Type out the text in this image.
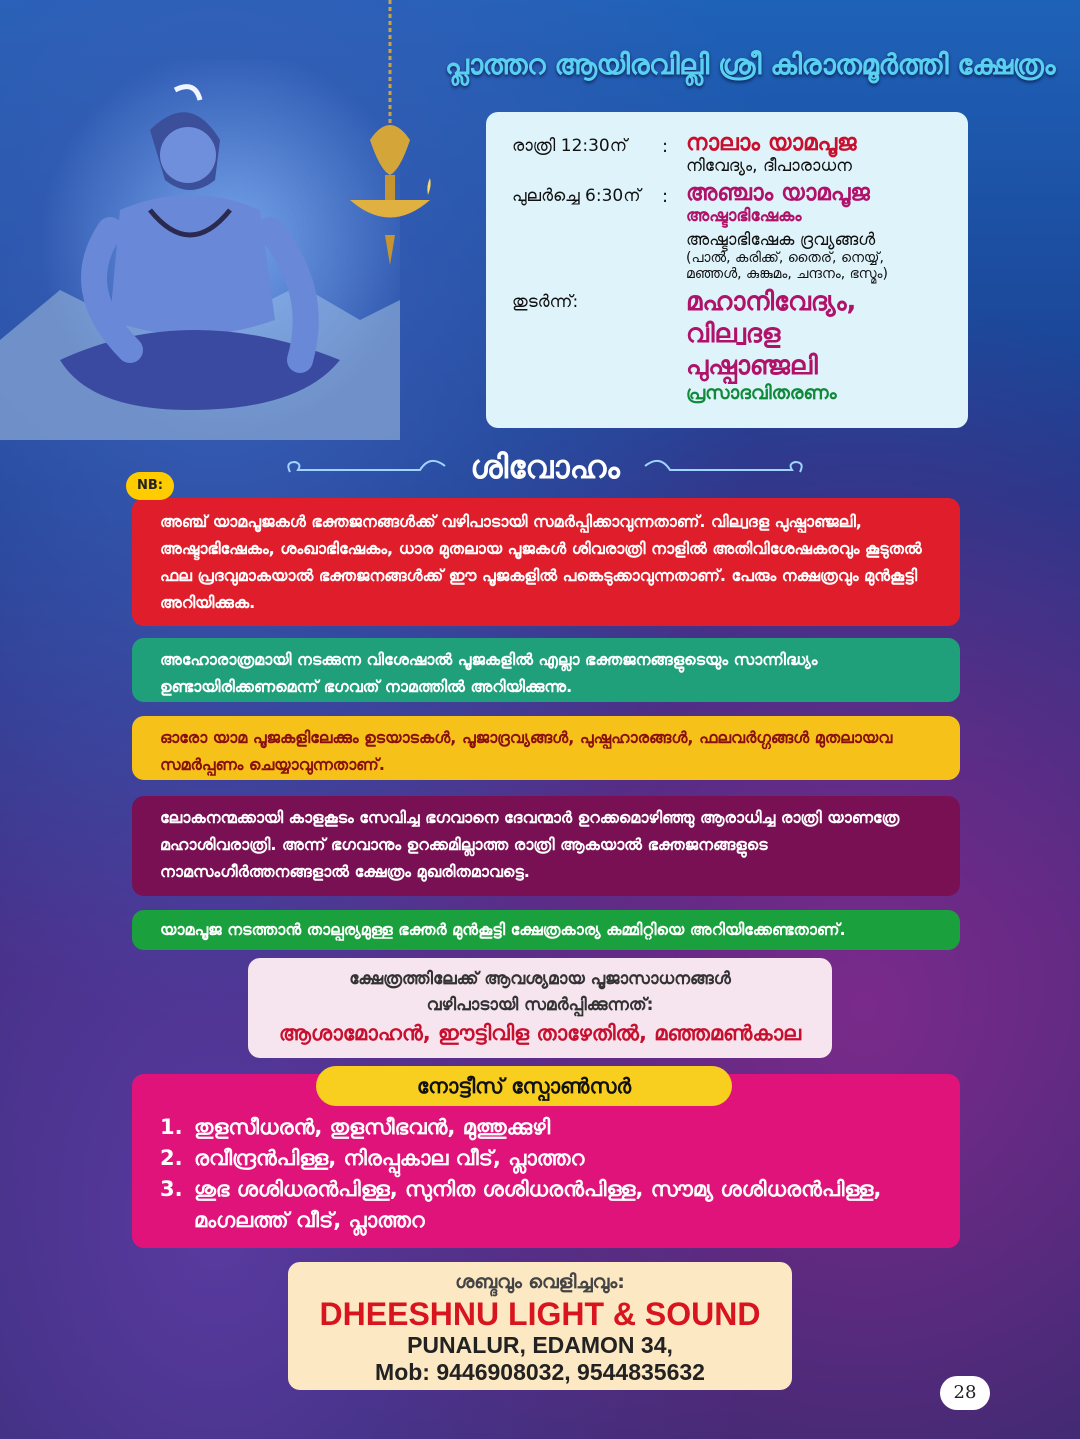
പ്ലാത്തറ ആയിരവില്ലി ശ്രീ കിരാതമൂർത്തി ക്ഷേത്രം
രാത്രി 12:30ന്	: നാലാം യാമപൂജ
നിവേദ്യം, ദീപാരാധന
പുലർച്ചെ 6:30ന്	: അഞ്ചാം യാമപൂജ
അഷ്ടാഭിഷേകം
അഷ്ടാഭിഷേക ദ്രവ്യങ്ങൾ
(പാൽ, കരിക്ക്, തൈര്, നെയ്യ്,
മഞ്ഞൾ, കുങ്കുമം, ചന്ദനം, ഭസ്മം)
തുടർന്ന്:	മഹാനിവേദ്യം, വില്വദള
പുഷ്പാഞ്ജലി
പ്രസാദവിതരണം
ശിവോഹം
NB:
അഞ്ച് യാമപൂജകൾ ഭക്തജനങ്ങൾക്ക് വഴിപാടായി സമർപ്പിക്കാവുന്നതാണ്. വില്വദള പുഷ്പാഞ്ജലി, അഷ്ടാഭിഷേകം, ശംഖാഭിഷേകം, ധാര മുതലായ പൂജകൾ ശിവരാത്രി നാളിൽ അതിവിശേഷകരവും കൂടുതൽ ഫല പ്രദവുമാകയാൽ ഭക്തജനങ്ങൾക്ക് ഈ പൂജകളിൽ പങ്കെടുക്കാവുന്നതാണ്. പേരും നക്ഷത്രവും മുൻകൂട്ടി അറിയിക്കുക.
അഹോരാത്രമായി നടക്കുന്ന വിശേഷാൽ പൂജകളിൽ എല്ലാ ഭക്തജനങ്ങളുടെയും സാന്നിദ്ധ്യം ഉണ്ടായിരിക്കണമെന്ന് ഭഗവത് നാമത്തിൽ അറിയിക്കുന്നു.
ഓരോ യാമ പൂജകളിലേക്കും ഉടയാടകൾ, പൂജാദ്രവ്യങ്ങൾ, പുഷ്പഹാരങ്ങൾ, ഫലവർഗ്ഗങ്ങൾ മുതലായവ സമർപ്പണം ചെയ്യാവുന്നതാണ്.
ലോകനന്മക്കായി കാളകൂടം സേവിച്ച ഭഗവാനെ ദേവന്മാർ ഉറക്കമൊഴിഞ്ഞു ആരാധിച്ച രാത്രി യാണത്രേ മഹാശിവരാത്രി. അന്ന് ഭഗവാനും ഉറക്കമില്ലാത്ത രാത്രി ആകയാൽ ഭക്തജനങ്ങളുടെ നാമസംഗീർത്തനങ്ങളാൽ ക്ഷേത്രം മുഖരിതമാവട്ടെ.
യാമപൂജ നടത്താൻ താല്പര്യമുള്ള ഭക്തർ മുൻകൂട്ടി ക്ഷേത്രകാര്യ കമ്മിറ്റിയെ അറിയിക്കേണ്ടതാണ്.
ക്ഷേത്രത്തിലേക്ക് ആവശ്യമായ പൂജാസാധനങ്ങൾ
വഴിപാടായി സമർപ്പിക്കുന്നത്:
ആശാമോഹൻ, ഈട്ടിവിള താഴേതിൽ, മഞ്ഞമൺകാല
നോട്ടീസ് സ്പോൺസർ
1. തുളസീധരൻ, തുളസീഭവൻ, മുത്തുക്കുഴി
2. രവീന്ദ്രൻപിള്ള, നിരപ്പുകാല വീട്, പ്ലാത്തറ
3. ശുഭ ശശിധരൻപിള്ള, സുനിത ശശിധരൻപിള്ള, സൗമ്യ ശശിധരൻപിള്ള,
മംഗലത്ത് വീട്, പ്ലാത്തറ
ശബ്ദവും വെളിച്ചവും:
DHEESHNU LIGHT & SOUND
PUNALUR, EDAMON 34,
Mob: 9446908032, 9544835632
28
